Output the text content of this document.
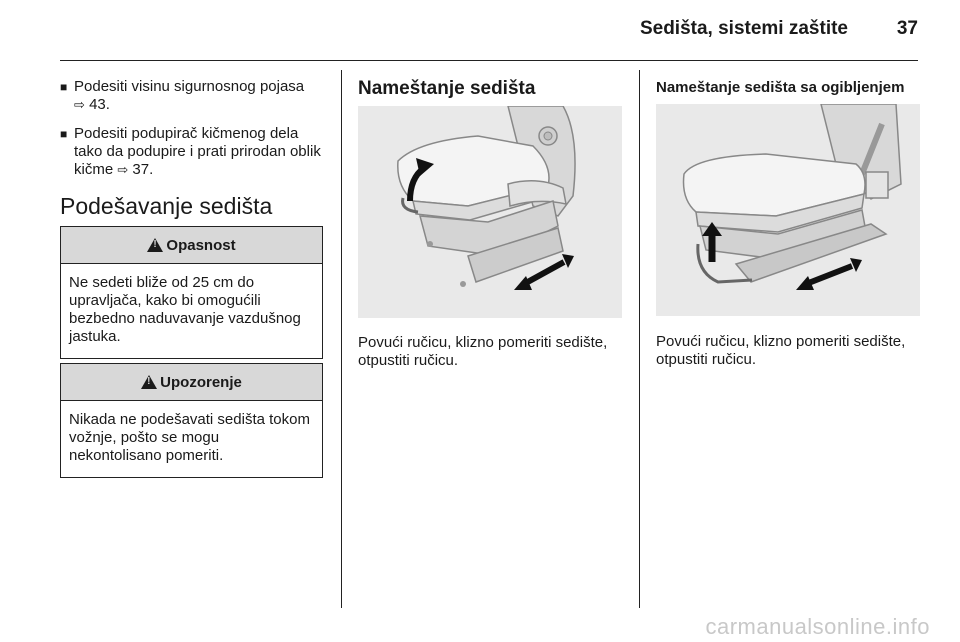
Sedišta, sistemi zaštite	37
■ Podesiti visinu sigurnosnog pojasa
⇨ 43.
■ Podesiti podupirač kičmenog dela tako da podupire i prati prirodan oblik kičme ⇨ 37.
Podešavanje sedišta
!
Opasnost
Ne sedeti bliže od 25 cm do upravljača, kako bi omogućili bezbedno naduvavanje vazdušnog jastuka.
!
Upozorenje
Nikada ne podešavati sedišta tokom vožnje, pošto se mogu nekontolisano pomeriti.
Nameštanje sedišta
Povući ručicu, klizno pomeriti sedište, otpustiti ručicu.
Nameštanje sedišta sa ogibljenjem
Povući ručicu, klizno pomeriti sedište, otpustiti ručicu.
carmanualsonline.info
